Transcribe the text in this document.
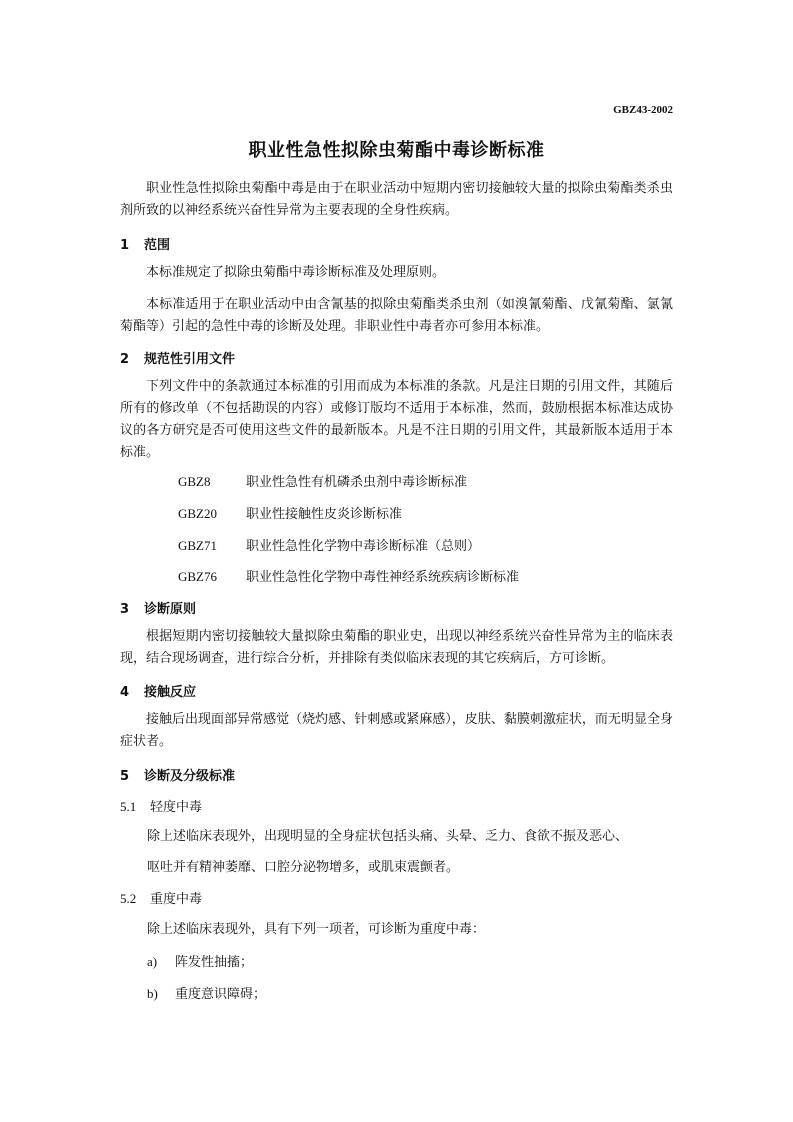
GBZ43-2002
职业性急性拟除虫菊酯中毒诊断标准
职业性急性拟除虫菊酯中毒是由于在职业活动中短期内密切接触较大量的拟除虫菊酯类杀虫剂所致的以神经系统兴奋性异常为主要表现的全身性疾病。
1 范围
本标准规定了拟除虫菊酯中毒诊断标准及处理原则。
本标准适用于在职业活动中由含氰基的拟除虫菊酯类杀虫剂（如溴氰菊酯、戊氰菊酯、氯氰菊酯等）引起的急性中毒的诊断及处理。非职业性中毒者亦可参用本标准。
2 规范性引用文件
下列文件中的条款通过本标准的引用而成为本标准的条款。凡是注日期的引用文件，其随后所有的修改单（不包括勘误的内容）或修订版均不适用于本标准，然而，鼓励根据本标准达成协议的各方研究是否可使用这些文件的最新版本。凡是不注日期的引用文件，其最新版本适用于本标准。
GBZ8	职业性急性有机磷杀虫剂中毒诊断标准
GBZ20 职业性接触性皮炎诊断标准
GBZ71 职业性急性化学物中毒诊断标准（总则）
GBZ76 职业性急性化学物中毒性神经系统疾病诊断标准
3 诊断原则
根据短期内密切接触较大量拟除虫菊酯的职业史，出现以神经系统兴奋性异常为主的临床表现，结合现场调查，进行综合分析，并排除有类似临床表现的其它疾病后，方可诊断。
4 接触反应
接触后出现面部异常感觉（烧灼感、针刺感或紧麻感），皮肤、黏膜刺激症状，而无明显全身症状者。
5 诊断及分级标准
5.1 轻度中毒
除上述临床表现外，出现明显的全身症状包括头痛、头晕、乏力、食欲不振及恶心、
呕吐并有精神萎靡、口腔分泌物增多，或肌束震颤者。
5.2 重度中毒
除上述临床表现外，具有下列一项者，可诊断为重度中毒：
a) 阵发性抽搐；
b) 重度意识障碍；
